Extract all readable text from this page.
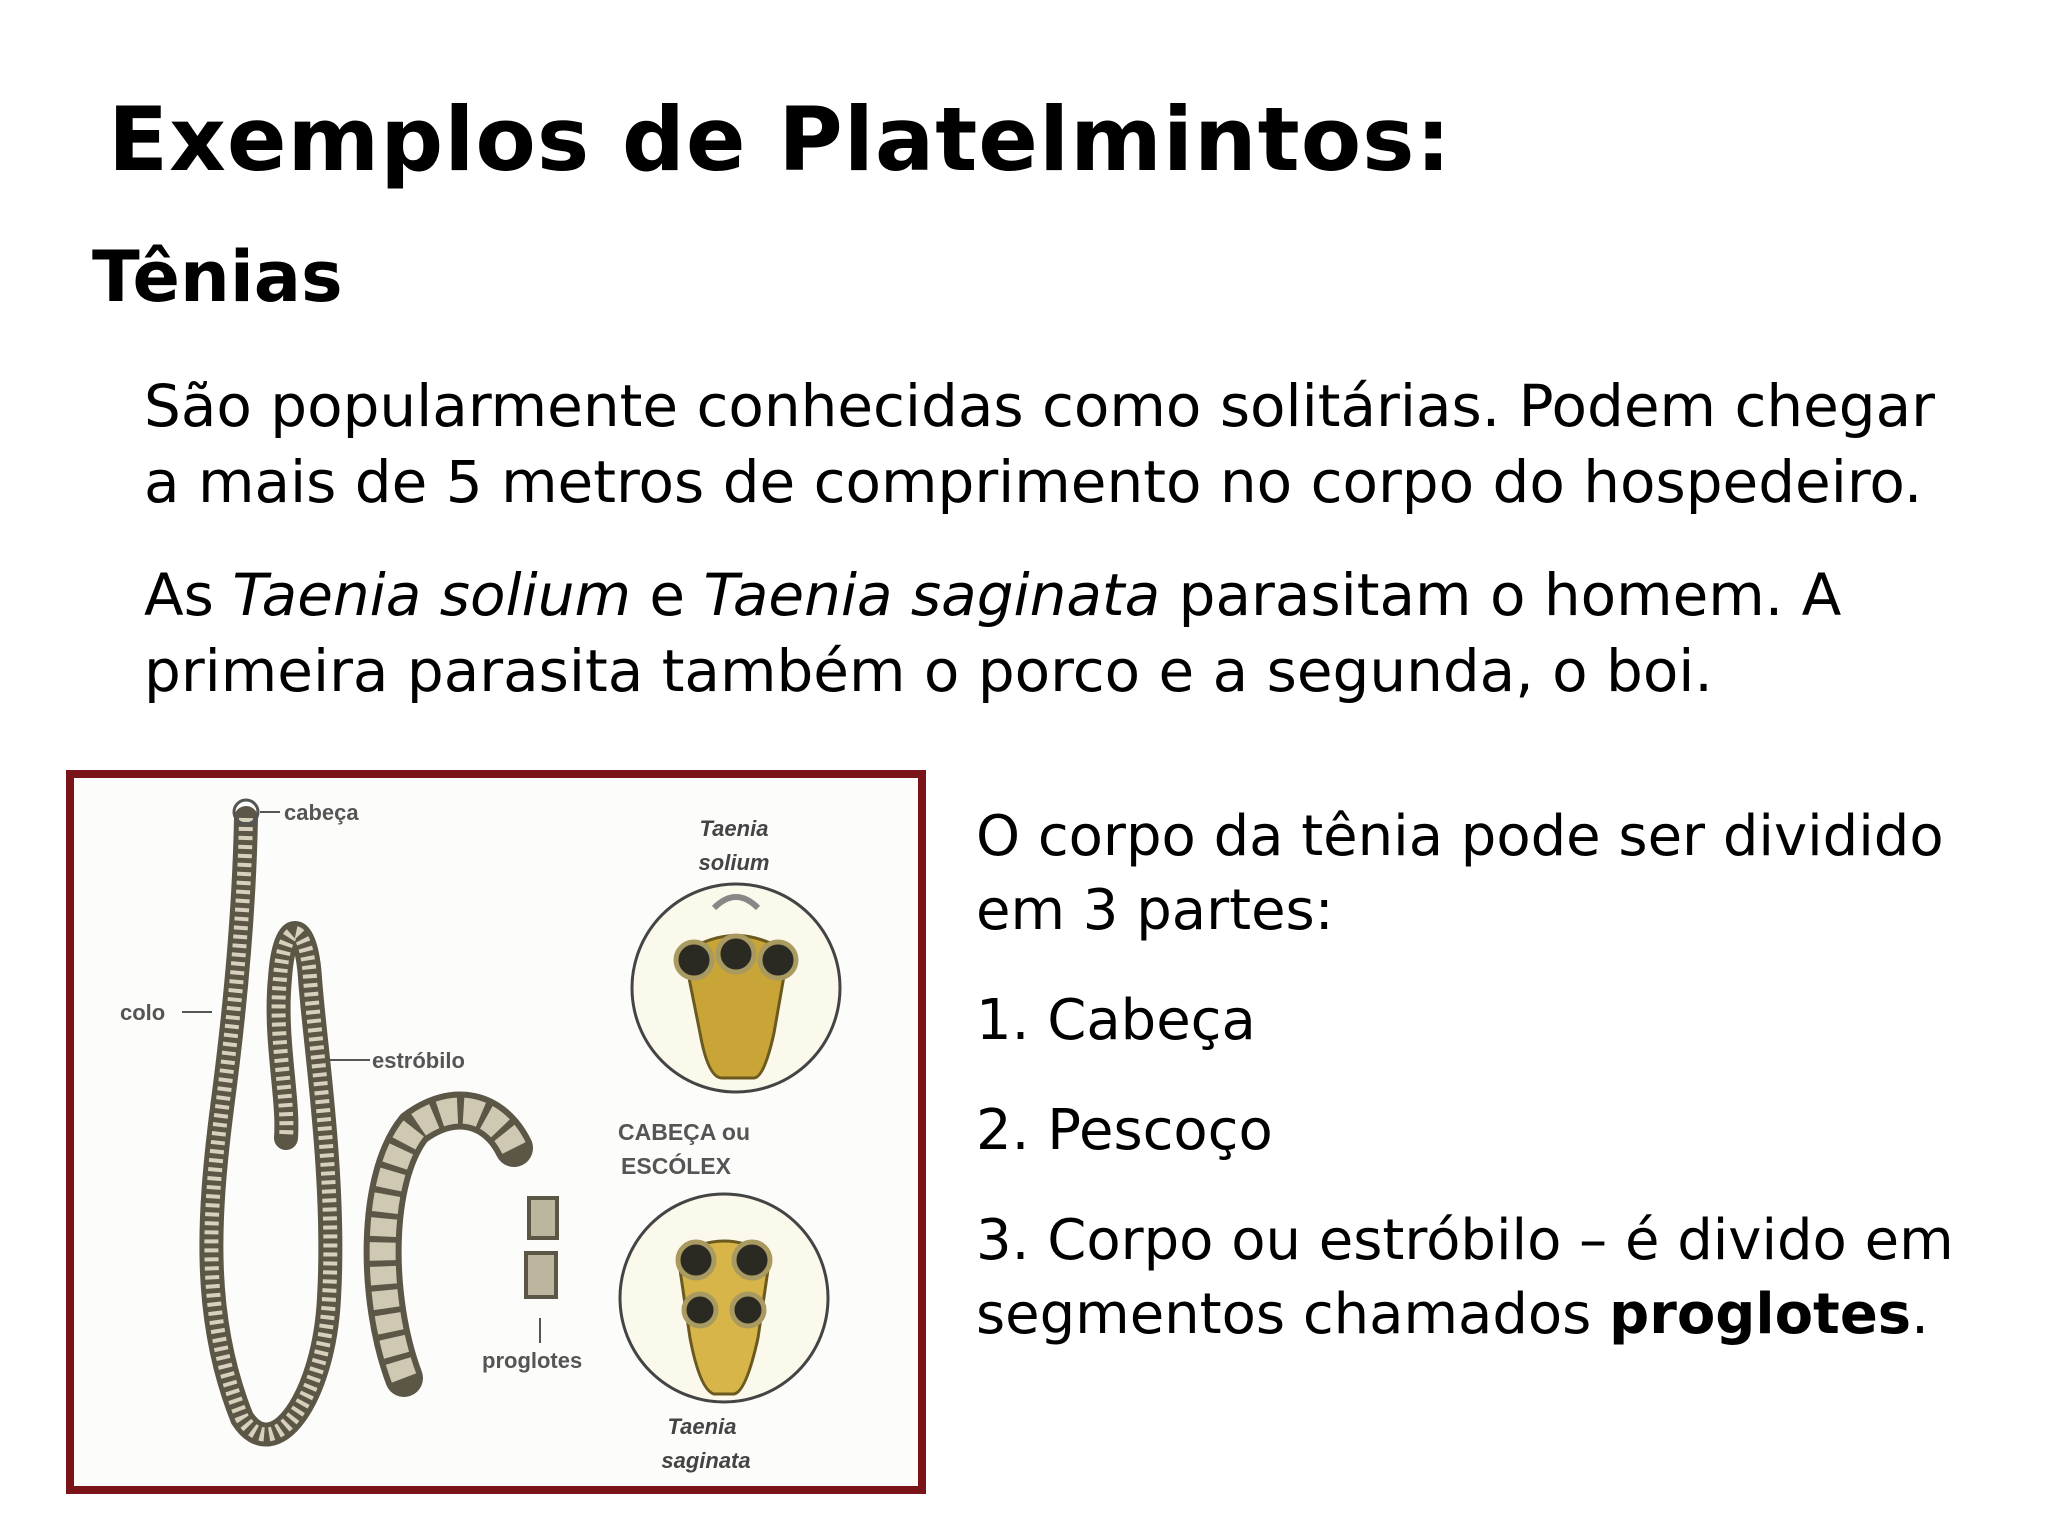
Exemplos de Platelmintos:
Tênias

São popularmente conhecidas como solitárias. Podem chegar
a mais de 5 metros de comprimento no corpo do hospedeiro.

As Taenia solium e Taenia saginata parasitam o homem. A
primeira parasita também o porco e a segunda, o boi.

cabeça
colo
estróbilo
proglotes
Taenia
solium
CABEÇA ou
ESCÓLEX
Taenia
saginata

O corpo da tênia pode ser dividido
em 3 partes:

1. Cabeça

2. Pescoço

3. Corpo ou estróbilo – é divido em
segmentos chamados proglotes.
